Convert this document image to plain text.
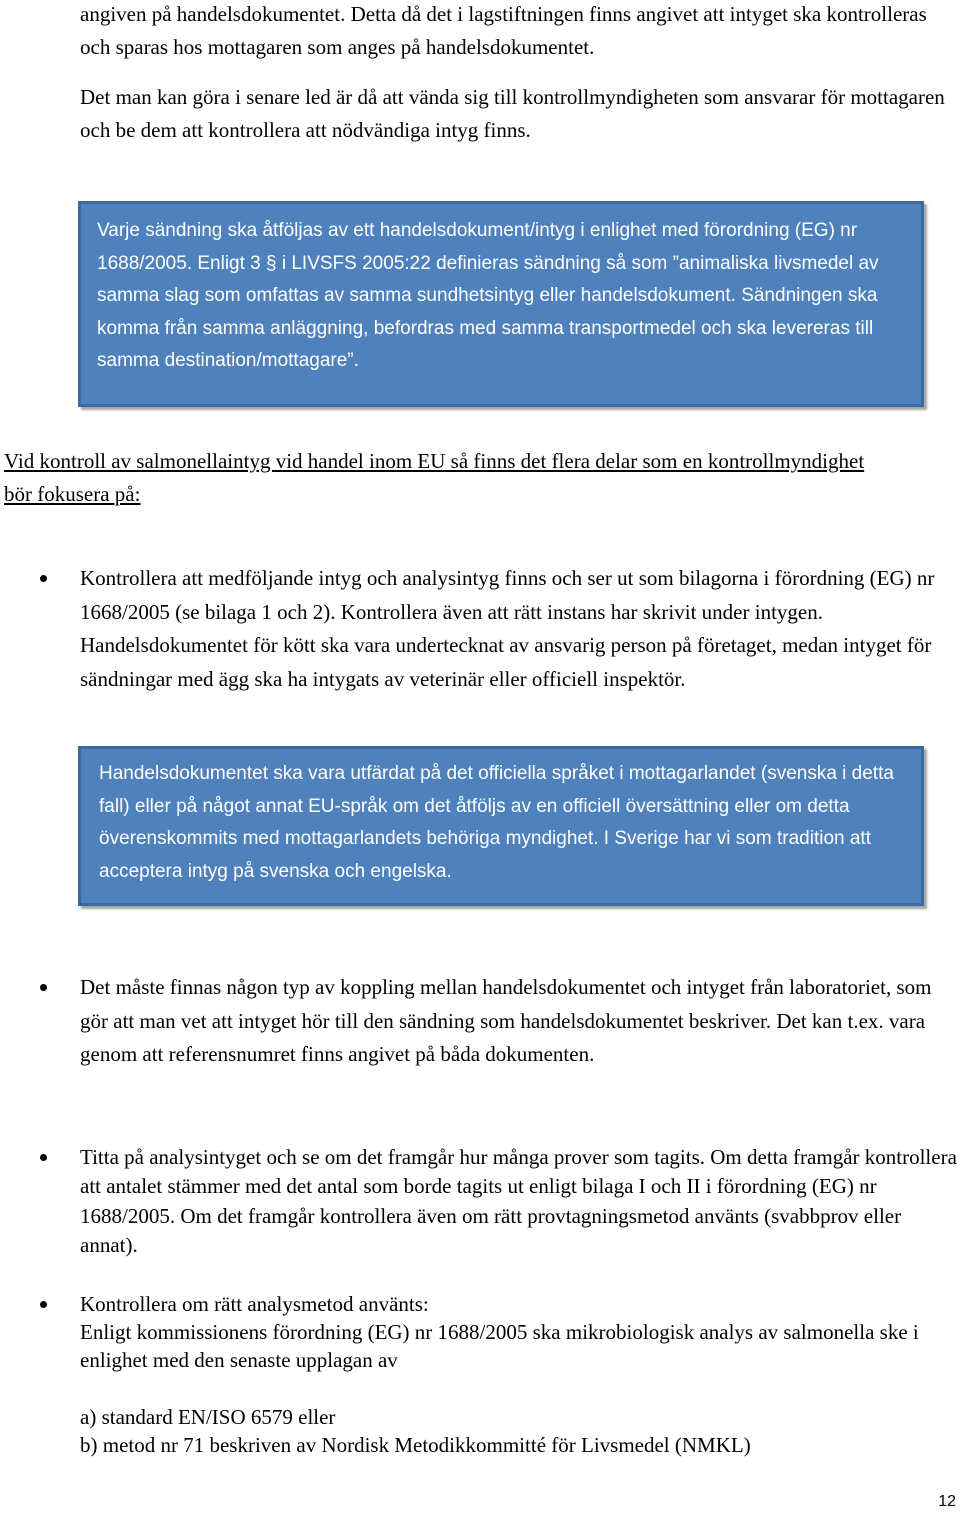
angiven på handelsdokumentet. Detta då det i lagstiftningen finns angivet att intyget ska kontrolleras och sparas hos mottagaren som anges på handelsdokumentet.

Det man kan göra i senare led är då att vända sig till kontrollmyndigheten som ansvarar för mottagaren och be dem att kontrollera att nödvändiga intyg finns.

Varje sändning ska åtföljas av ett handelsdokument/intyg i enlighet med förordning (EG) nr 1688/2005. Enligt 3 § i LIVSFS 2005:22 definieras sändning så som ”animaliska livsmedel av samma slag som omfattas av samma sundhetsintyg eller handelsdokument. Sändningen ska komma från samma anläggning, befordras med samma transportmedel och ska levereras till samma destination/mottagare”.

Vid kontroll av salmonellaintyg vid handel inom EU så finns det flera delar som en kontrollmyndighet bör fokusera på:

Kontrollera att medföljande intyg och analysintyg finns och ser ut som bilagorna i förordning (EG) nr 1668/2005 (se bilaga 1 och 2). Kontrollera även att rätt instans har skrivit under intygen. Handelsdokumentet för kött ska vara undertecknat av ansvarig person på företaget, medan intyget för sändningar med ägg ska ha intygats av veterinär eller officiell inspektör.

Handelsdokumentet ska vara utfärdat på det officiella språket i mottagarlandet (svenska i detta fall) eller på något annat EU-språk om det åtföljs av en officiell översättning eller om detta överenskommits med mottagarlandets behöriga myndighet. I Sverige har vi som tradition att acceptera intyg på svenska och engelska.

Det måste finnas någon typ av koppling mellan handelsdokumentet och intyget från laboratoriet, som gör att man vet att intyget hör till den sändning som handelsdokumentet beskriver. Det kan t.ex. vara genom att referensnumret finns angivet på båda dokumenten.

Titta på analysintyget och se om det framgår hur många prover som tagits. Om detta framgår kontrollera att antalet stämmer med det antal som borde tagits ut enligt bilaga I och II i förordning (EG) nr 1688/2005. Om det framgår kontrollera även om rätt provtagningsmetod använts (svabbprov eller annat).

Kontrollera om rätt analysmetod använts:

Enligt kommissionens förordning (EG) nr 1688/2005 ska mikrobiologisk analys av salmonella ske i enlighet med den senaste upplagan av

a) standard EN/ISO 6579 eller

b) metod nr 71 beskriven av Nordisk Metodikkommitté för Livsmedel (NMKL)

12
